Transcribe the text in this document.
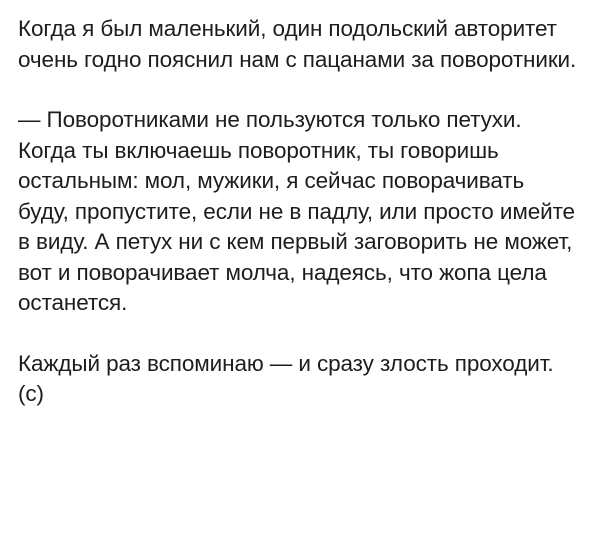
Когда я был маленький, один подольский авторитет очень годно пояснил нам с пацанами за поворотники.

— Поворотниками не пользуются только петухи. Когда ты включаешь поворотник, ты говоришь остальным: мол, мужики, я сейчас поворачивать буду, пропустите, если не в падлу, или просто имейте в виду. А петух ни с кем первый заговорить не может, вот и поворачивает молча, надеясь, что жопа цела останется.

Каждый раз вспоминаю — и сразу злость проходит. (с)
